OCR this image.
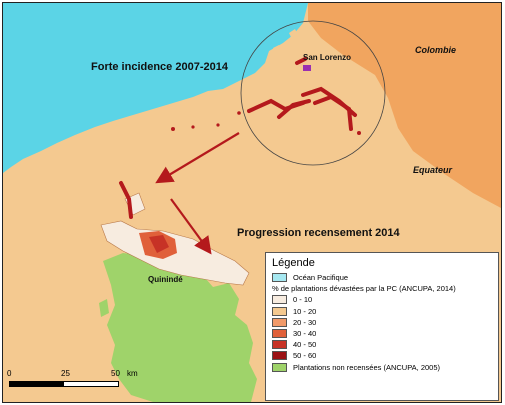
Forte incidence 2007-2014
Progression recensement 2014
Colombie
Equateur
San Lorenzo
Quinindé
Légende
Océan Pacifique
% de plantations dévastées par la PC (ANCUPA, 2014)
0 - 10
10 - 20
20 - 30
30 - 40
40 - 50
50 - 60
Plantations non recensées (ANCUPA, 2005)
0	25	50 km
